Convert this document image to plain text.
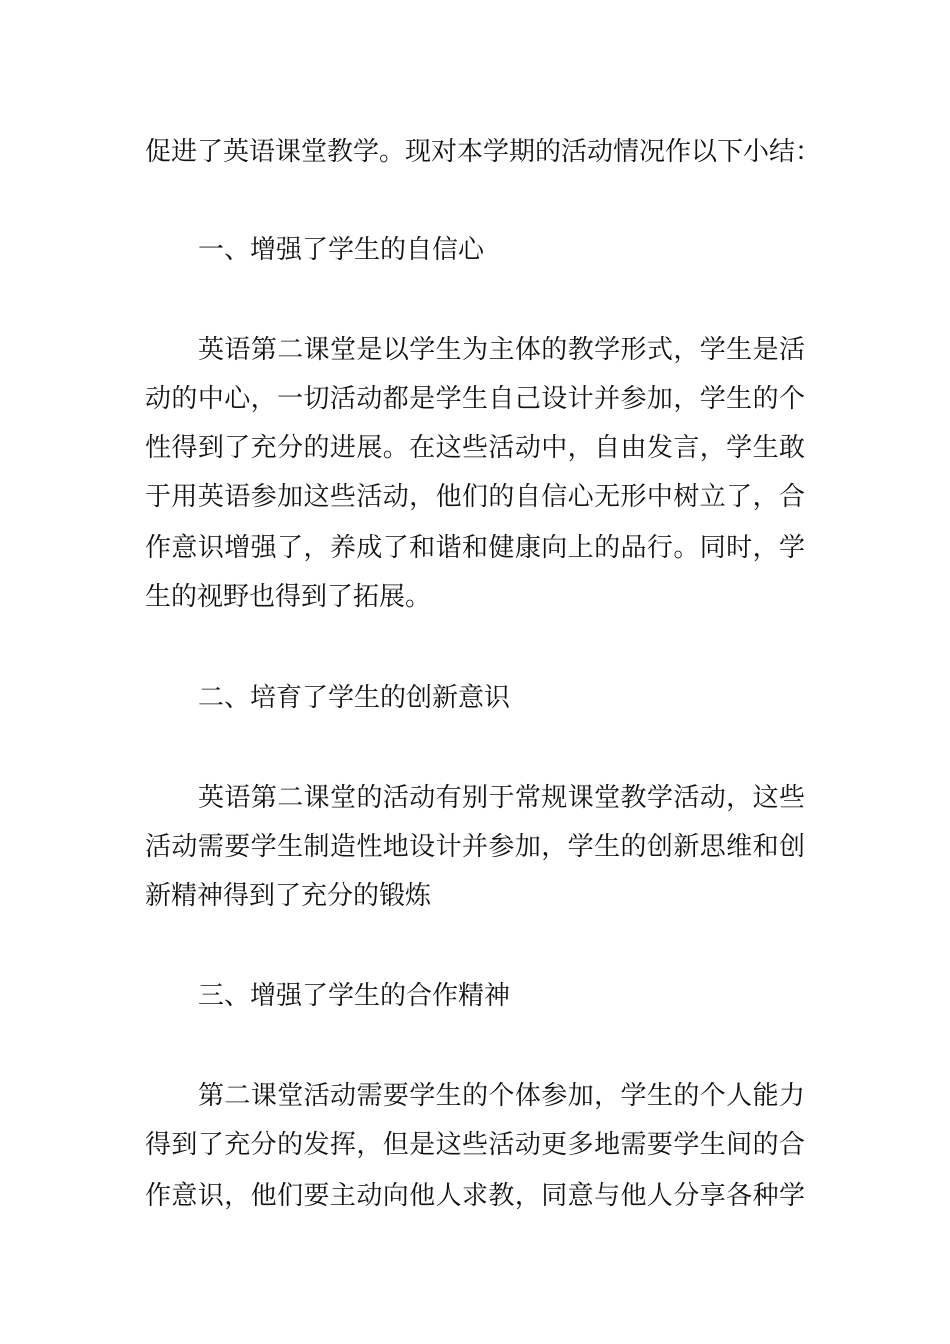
促进了英语课堂教学。现对本学期的活动情况作以下小结：
一、增强了学生的自信心
英语第二课堂是以学生为主体的教学形式，学生是活
动的中心，一切活动都是学生自己设计并参加，学生的个
性得到了充分的进展。在这些活动中，自由发言，学生敢
于用英语参加这些活动，他们的自信心无形中树立了，合
作意识增强了，养成了和谐和健康向上的品行。同时，学
生的视野也得到了拓展。
二、培育了学生的创新意识
英语第二课堂的活动有别于常规课堂教学活动，这些
活动需要学生制造性地设计并参加，学生的创新思维和创
新精神得到了充分的锻炼
三、增强了学生的合作精神
第二课堂活动需要学生的个体参加，学生的个人能力
得到了充分的发挥，但是这些活动更多地需要学生间的合
作意识，他们要主动向他人求教，同意与他人分享各种学
